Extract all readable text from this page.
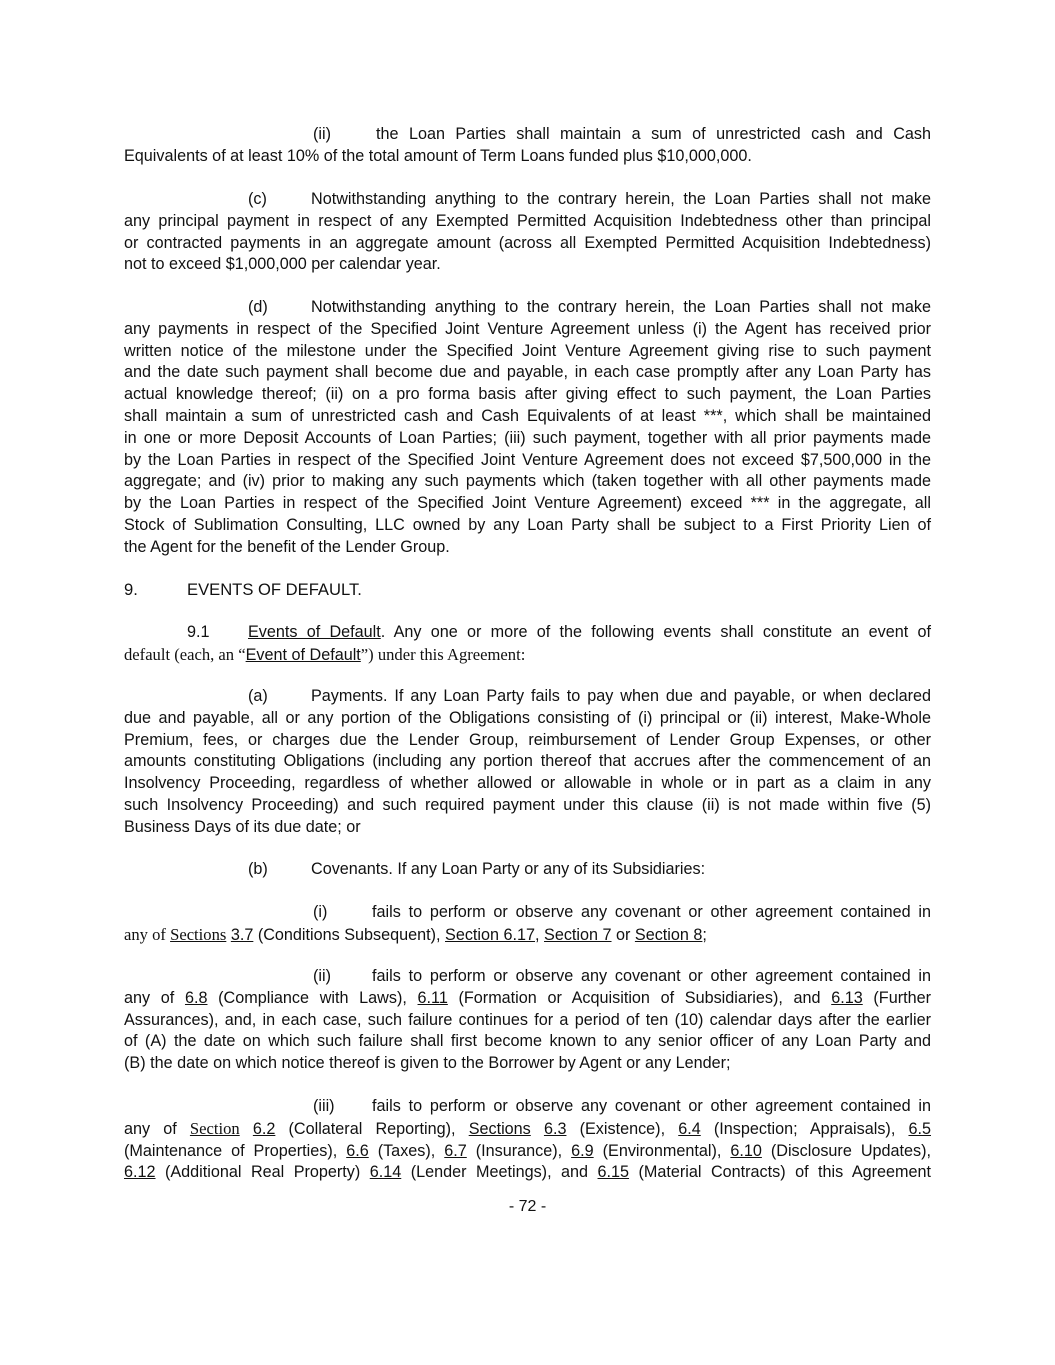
(ii)	the Loan Parties shall maintain a sum of unrestricted cash and Cash
Equivalents of at least 10% of the total amount of Term Loans funded plus $10,000,000.
(c)	Notwithstanding anything to the contrary herein, the Loan Parties shall not make
any principal payment in respect of any Exempted Permitted Acquisition Indebtedness other than principal
or contracted payments in an aggregate amount (across all Exempted Permitted Acquisition Indebtedness)
not to exceed $1,000,000 per calendar year.
(d)	Notwithstanding anything to the contrary herein, the Loan Parties shall not make
any payments in respect of the Specified Joint Venture Agreement unless (i) the Agent has received prior
written notice of the milestone under the Specified Joint Venture Agreement giving rise to such payment
and the date such payment shall become due and payable, in each case promptly after any Loan Party has
actual knowledge thereof; (ii) on a pro forma basis after giving effect to such payment, the Loan Parties
shall maintain a sum of unrestricted cash and Cash Equivalents of at least ***, which shall be maintained
in one or more Deposit Accounts of Loan Parties; (iii) such payment, together with all prior payments made
by the Loan Parties in respect of the Specified Joint Venture Agreement does not exceed $7,500,000 in the
aggregate; and (iv) prior to making any such payments which (taken together with all other payments made
by the Loan Parties in respect of the Specified Joint Venture Agreement) exceed *** in the aggregate, all
Stock of Sublimation Consulting, LLC owned by any Loan Party shall be subject to a First Priority Lien of
the Agent for the benefit of the Lender Group.
9.	EVENTS OF DEFAULT.
9.1 Events of Default. Any one or more of the following events shall constitute an event of
default (each, an “Event of Default”) under this Agreement:
(a)	Payments. If any Loan Party fails to pay when due and payable, or when declared
due and payable, all or any portion of the Obligations consisting of (i) principal or (ii) interest, Make-Whole
Premium, fees, or charges due the Lender Group, reimbursement of Lender Group Expenses, or other
amounts constituting Obligations (including any portion thereof that accrues after the commencement of an
Insolvency Proceeding, regardless of whether allowed or allowable in whole or in part as a claim in any
such Insolvency Proceeding) and such required payment under this clause (ii) is not made within five (5)
Business Days of its due date; or
(b)	Covenants. If any Loan Party or any of its Subsidiaries:
(i)	fails to perform or observe any covenant or other agreement contained in
any of Sections 3.7 (Conditions Subsequent), Section 6.17, Section 7 or Section 8;
(ii)	fails to perform or observe any covenant or other agreement contained in
any of 6.8 (Compliance with Laws), 6.11 (Formation or Acquisition of Subsidiaries), and 6.13 (Further
Assurances), and, in each case, such failure continues for a period of ten (10) calendar days after the earlier
of (A) the date on which such failure shall first become known to any senior officer of any Loan Party and
(B) the date on which notice thereof is given to the Borrower by Agent or any Lender;
(iii) fails to perform or observe any covenant or other agreement contained in
any of Section 6.2 (Collateral Reporting), Sections 6.3 (Existence), 6.4 (Inspection; Appraisals), 6.5
(Maintenance of Properties), 6.6 (Taxes), 6.7 (Insurance), 6.9 (Environmental), 6.10 (Disclosure Updates),
6.12 (Additional Real Property) 6.14 (Lender Meetings), and 6.15 (Material Contracts) of this Agreement
- 72 -
